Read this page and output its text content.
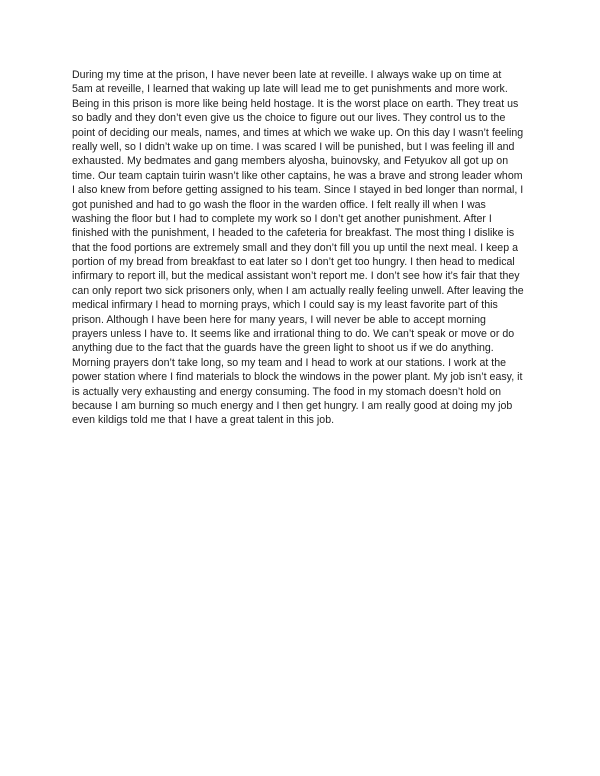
During my time at the prison, I have never been late at reveille. I always wake up on time at
5am at reveille, I learned that waking up late will lead me to get punishments and more work.
Being in this prison is more like being held hostage. It is the worst place on earth. They treat us
so badly and they don’t even give us the choice to figure out our lives. They control us to the
point of deciding our meals, names, and times at which we wake up. On this day I wasn’t feeling
really well, so I didn’t wake up on time. I was scared I will be punished, but I was feeling ill and
exhausted. My bedmates and gang members alyosha, buinovsky, and Fetyukov all got up on
time. Our team captain tuirin wasn’t like other captains, he was a brave and strong leader whom
I also knew from before getting assigned to his team. Since I stayed in bed longer than normal, I
got punished and had to go wash the floor in the warden office. I felt really ill when I was
washing the floor but I had to complete my work so I don’t get another punishment. After I
finished with the punishment, I headed to the cafeteria for breakfast. The most thing I dislike is
that the food portions are extremely small and they don’t fill you up until the next meal. I keep a
portion of my bread from breakfast to eat later so I don’t get too hungry. I then head to medical
infirmary to report ill, but the medical assistant won’t report me. I don’t see how it’s fair that they
can only report two sick prisoners only, when I am actually really feeling unwell. After leaving the
medical infirmary I head to morning prays, which I could say is my least favorite part of this
prison. Although I have been here for many years, I will never be able to accept morning
prayers unless I have to. It seems like and irrational thing to do. We can’t speak or move or do
anything due to the fact that the guards have the green light to shoot us if we do anything.
Morning prayers don’t take long, so my team and I head to work at our stations. I work at the
power station where I find materials to block the windows in the power plant. My job isn’t easy, it
is actually very exhausting and energy consuming. The food in my stomach doesn’t hold on
because I am burning so much energy and I then get hungry. I am really good at doing my job
even kildigs told me that I have a great talent in this job.
